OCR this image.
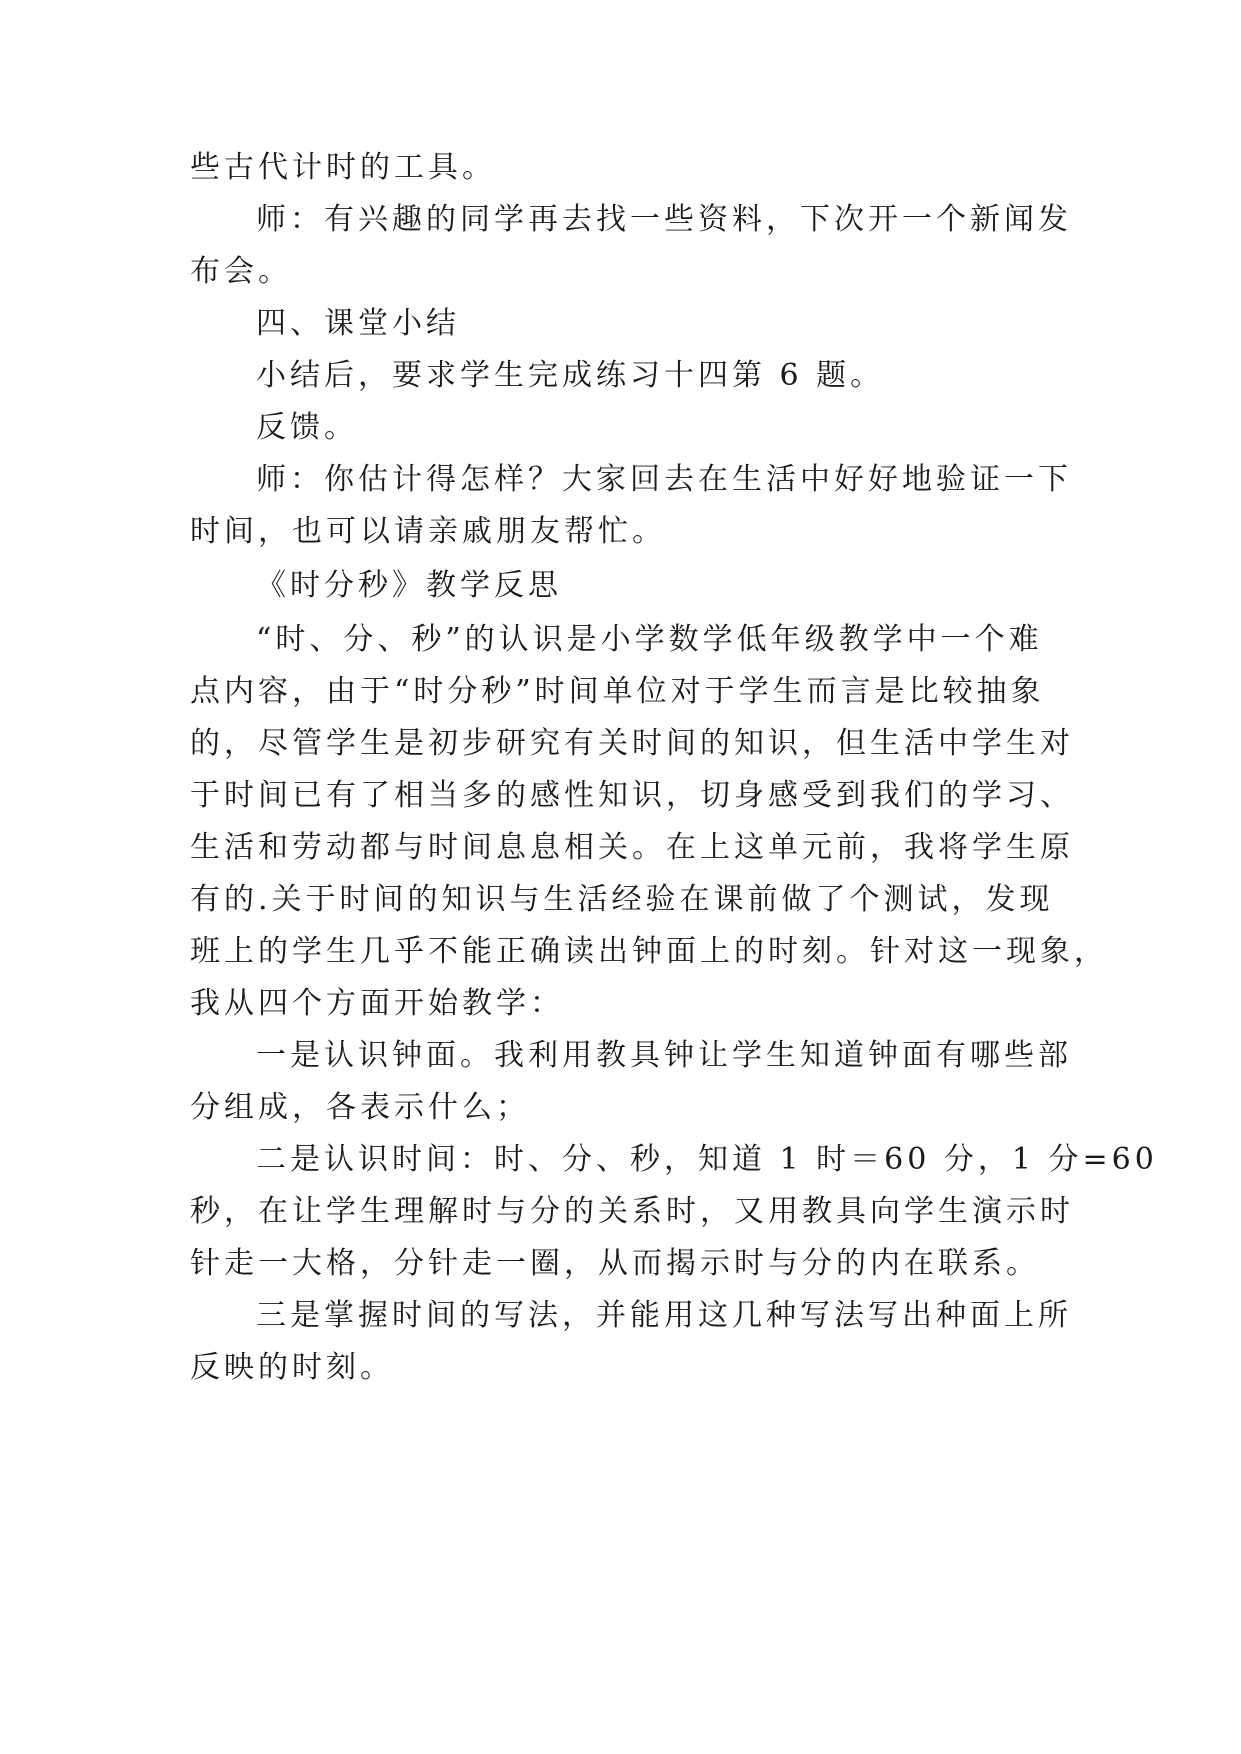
些古代计时的工具。
师：有兴趣的同学再去找一些资料，下次开一个新闻发
布会。
四、课堂小结
小结后，要求学生完成练习十四第 6 题。
反馈。
师：你估计得怎样？大家回去在生活中好好地验证一下
时间，也可以请亲戚朋友帮忙。
《时分秒》教学反思
“时、分、秒”的认识是小学数学低年级教学中一个难
点内容，由于“时分秒”时间单位对于学生而言是比较抽象
的，尽管学生是初步研究有关时间的知识，但生活中学生对
于时间已有了相当多的感性知识，切身感受到我们的学习、
生活和劳动都与时间息息相关。在上这单元前，我将学生原
有的.关于时间的知识与生活经验在课前做了个测试，发现
班上的学生几乎不能正确读出钟面上的时刻。针对这一现象，
我从四个方面开始教学：
一是认识钟面。我利用教具钟让学生知道钟面有哪些部
分组成，各表示什么；
二是认识时间：时、分、秒，知道 1 时＝60 分，1 分=60
秒，在让学生理解时与分的关系时，又用教具向学生演示时
针走一大格，分针走一圈，从而揭示时与分的内在联系。
三是掌握时间的写法，并能用这几种写法写出种面上所
反映的时刻。
